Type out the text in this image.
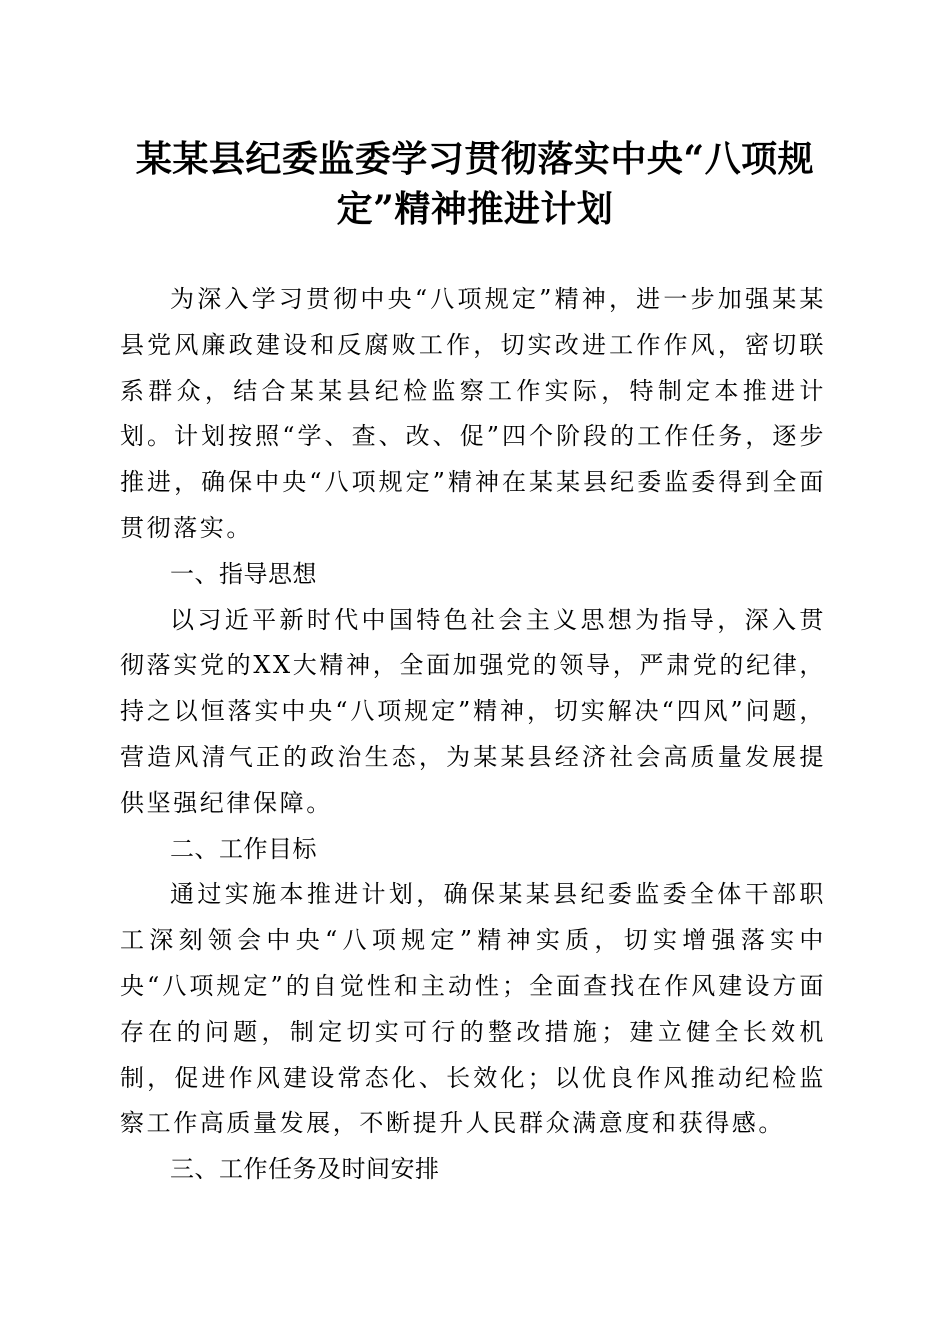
某某县纪委监委学习贯彻落实中央“八项规
定”精神推进计划

为深入学习贯彻中央“八项规定”精神，进一步加强某某县党风廉政建设和反腐败工作，切实改进工作作风，密切联系群众，结合某某县纪检监察工作实际，特制定本推进计划。计划按照“学、查、改、促”四个阶段的工作任务，逐步推进，确保中央“八项规定”精神在某某县纪委监委得到全面贯彻落实。

一、指导思想

以习近平新时代中国特色社会主义思想为指导，深入贯彻落实党的XX大精神，全面加强党的领导，严肃党的纪律，持之以恒落实中央“八项规定”精神，切实解决“四风”问题，营造风清气正的政治生态，为某某县经济社会高质量发展提供坚强纪律保障。

二、工作目标

通过实施本推进计划，确保某某县纪委监委全体干部职工深刻领会中央“八项规定”精神实质，切实增强落实中央“八项规定”的自觉性和主动性；全面查找在作风建设方面存在的问题，制定切实可行的整改措施；建立健全长效机制，促进作风建设常态化、长效化；以优良作风推动纪检监察工作高质量发展，不断提升人民群众满意度和获得感。

三、工作任务及时间安排
